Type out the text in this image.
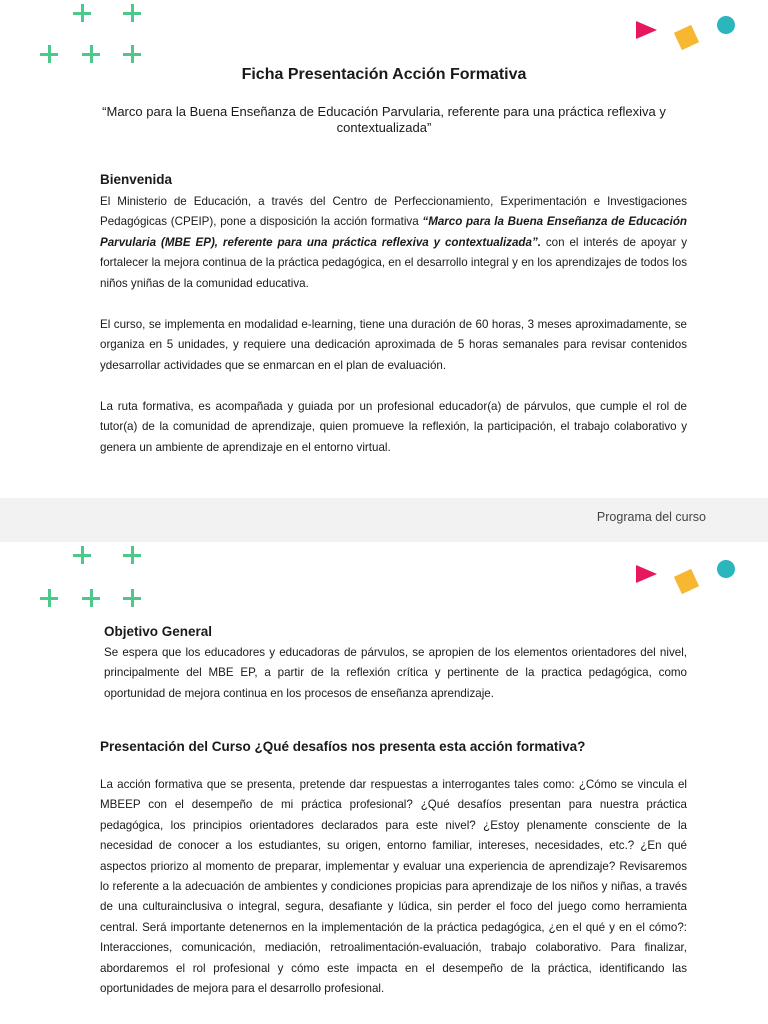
Ficha Presentación Acción Formativa
“Marco para la Buena Enseñanza de Educación Parvularia, referente para una práctica reflexiva y contextualizada”
Bienvenida

El Ministerio de Educación, a través del Centro de Perfeccionamiento, Experimentación e Investigaciones Pedagógicas (CPEIP), pone a disposición la acción formativa “Marco para la Buena Enseñanza de Educación Parvularia (MBE EP), referente para una práctica reflexiva y contextualizada”. con el interés de apoyar y fortalecer la mejora continua de la práctica pedagógica, en el desarrollo integral y en los aprendizajes de todos los niños yniñas de la comunidad educativa.

El curso, se implementa en modalidad e-learning, tiene una duración de 60 horas, 3 meses aproximadamente, se organiza en 5 unidades, y requiere una dedicación aproximada de 5 horas semanales para revisar contenidos ydesarrollar actividades que se enmarcan en el plan de evaluación.

La ruta formativa, es acompañada y guiada por un profesional educador(a) de párvulos, que cumple el rol de tutor(a) de la comunidad de aprendizaje, quien promueve la reflexión, la participación, el trabajo colaborativo y genera un ambiente de aprendizaje en el entorno virtual.

Programa del curso
Objetivo General

Se espera que los educadores y educadoras de párvulos, se apropien de los elementos orientadores del nivel, principalmente del MBE EP, a partir de la reflexión crítica y pertinente de la practica pedagógica, como oportunidad de mejora continua en los procesos de enseñanza aprendizaje.

Presentación del Curso ¿Qué desafíos nos presenta esta acción formativa?

La acción formativa que se presenta, pretende dar respuestas a interrogantes tales como: ¿Cómo se vincula el MBEEP con el desempeño de mi práctica profesional? ¿Qué desafíos presentan para nuestra práctica pedagógica, los principios orientadores declarados para este nivel? ¿Estoy plenamente consciente de la necesidad de conocer a los estudiantes, su origen, entorno familiar, intereses, necesidades, etc.? ¿En qué aspectos priorizo al momento de preparar, implementar y evaluar una experiencia de aprendizaje? Revisaremos lo referente a la adecuación de ambientes y condiciones propicias para aprendizaje de los niños y niñas, a través de una culturainclusiva o integral, segura, desafiante y lúdica, sin perder el foco del juego como herramienta central. Será importante detenernos en la implementación de la práctica pedagógica, ¿en el qué y en el cómo?: Interacciones, comunicación, mediación, retroalimentación-evaluación, trabajo colaborativo. Para finalizar, abordaremos el rol profesional y cómo este impacta en el desempeño de la práctica, identificando las oportunidades de mejora para el desarrollo profesional.
